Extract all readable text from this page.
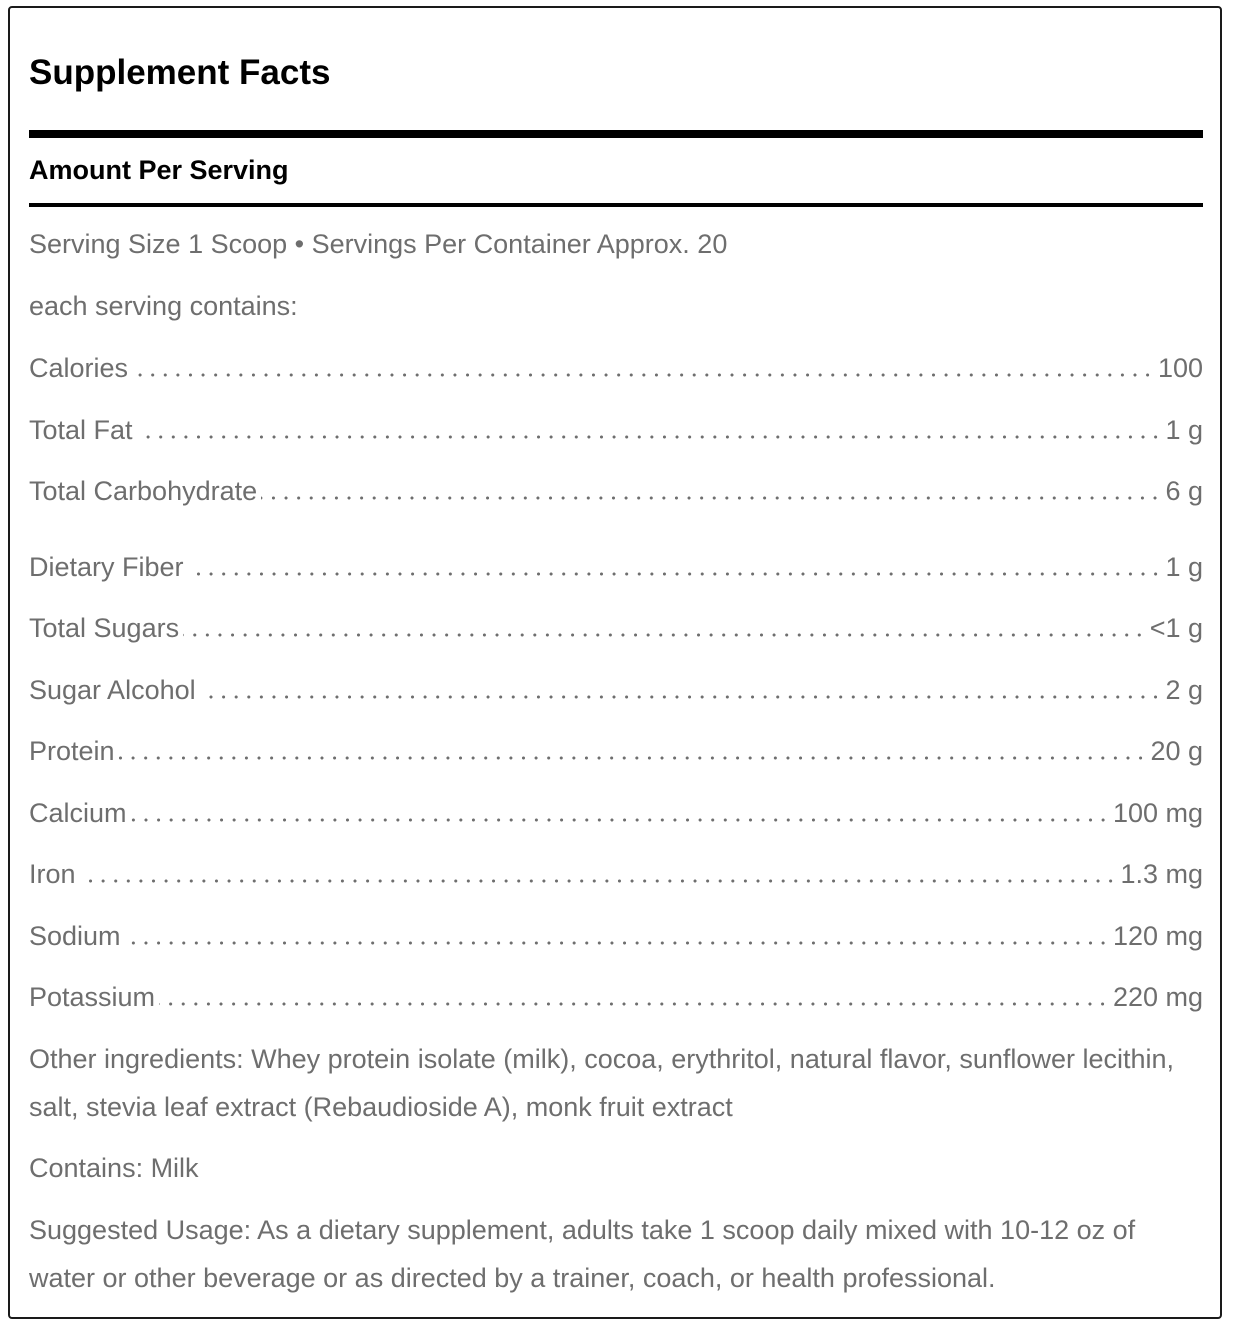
Supplement Facts
Amount Per Serving
Serving Size 1 Scoop • Servings Per Container Approx. 20
each serving contains:
Calories	100
Total Fat	1 g
Total Carbohydrate	6 g
Dietary Fiber	1 g
Total Sugars	<1 g
Sugar Alcohol	2 g
Protein	20 g
Calcium	100 mg
Iron	1.3 mg
Sodium	120 mg
Potassium	220 mg
Other ingredients: Whey protein isolate (milk), cocoa, erythritol, natural flavor, sunflower lecithin, salt, stevia leaf extract (Rebaudioside A), monk fruit extract
Contains: Milk
Suggested Usage: As a dietary supplement, adults take 1 scoop daily mixed with 10-12 oz of water or other beverage or as directed by a trainer, coach, or health professional.
